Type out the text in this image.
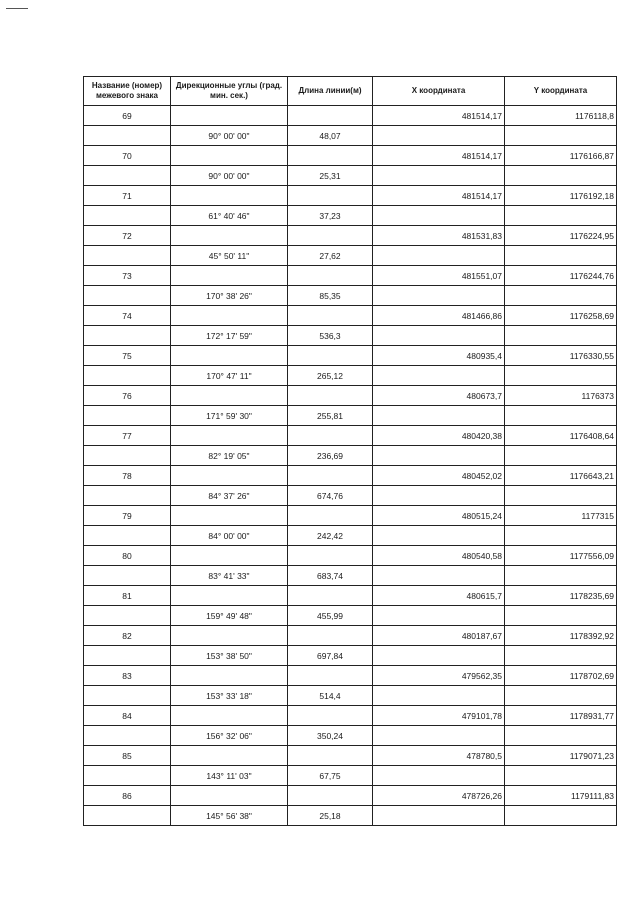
Название (номер) межевого знака	Дирекционные углы (град. мин. сек.)	Длина линии(м)	X координата	Y координата
69			481514,17	1176118,8
	90° 00' 00"	48,07		
70			481514,17	1176166,87
	90° 00' 00"	25,31		
71			481514,17	1176192,18
	61° 40' 46"	37,23		
72			481531,83	1176224,95
	45° 50' 11"	27,62		
73			481551,07	1176244,76
	170° 38' 26"	85,35		
74			481466,86	1176258,69
	172° 17' 59"	536,3		
75			480935,4	1176330,55
	170° 47' 11"	265,12		
76			480673,7	1176373
	171° 59' 30"	255,81		
77			480420,38	1176408,64
	82° 19' 05"	236,69		
78			480452,02	1176643,21
	84° 37' 26"	674,76		
79			480515,24	1177315
	84° 00' 00"	242,42		
80			480540,58	1177556,09
	83° 41' 33"	683,74		
81			480615,7	1178235,69
	159° 49' 48"	455,99		
82			480187,67	1178392,92
	153° 38' 50"	697,84		
83			479562,35	1178702,69
	153° 33' 18"	514,4		
84			479101,78	1178931,77
	156° 32' 06"	350,24		
85			478780,5	1179071,23
	143° 11' 03"	67,75		
86			478726,26	1179111,83
	145° 56' 38"	25,18		
